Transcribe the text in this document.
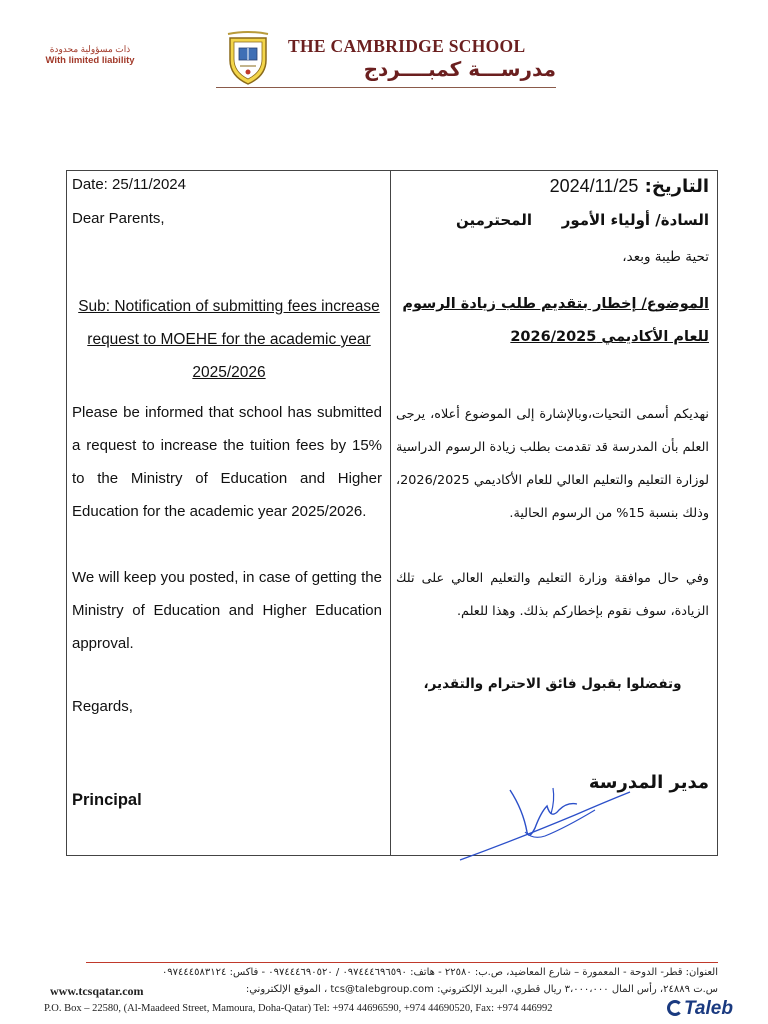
ذات مسؤولية محدودة
With limited liability
THE CAMBRIDGE SCHOOL
مدرســـة كمبــــردج
Date: 25/11/2024
Dear Parents,
Sub: Notification of submitting fees increase request to MOEHE for the academic year 2025/2026
Please be informed that school has submitted a request to increase the tuition fees by 15% to the Ministry of Education and Higher Education for the academic year 2025/2026.
We will keep you posted, in case of getting the Ministry of Education and Higher Education approval.
Regards,
Principal
التاريخ: 2024/11/25
السادة/ أولياء الأمور
المحترمين
تحية طيبة وبعد،
الموضوع/ إخطار بتقديم طلب زيادة الرسوم للعام الأكاديمي 2026/2025
نهديكم أسمى التحيات،وبالإشارة إلى الموضوع أعلاه، يرجى العلم بأن المدرسة قد تقدمت بطلب زيادة الرسوم الدراسية لوزارة التعليم والتعليم العالي للعام الأكاديمي 2026/2025، وذلك بنسبة 15% من الرسوم الحالية.
وفي حال موافقة وزارة التعليم والتعليم العالي على تلك الزيادة، سوف نقوم بإخطاركم بذلك. وهذا للعلم.
وتفضلوا بقبول فائق الاحترام والتقدير،
مدير المدرسة
العنوان: قطر- الدوحة - المعمورة – شارع المعاضيد، ص.ب: ٢٢٥٨٠ - هاتف: ٠٩٧٤٤٤٦٩٦٥٩٠ / ٠٩٧٤٤٤٦٩٠٥٢٠ - فاكس: ٠٩٧٤٤٤٥٨٣١٢٤
س.ت ٢٤٨٨٩، رأس المال ٣،٠٠٠،٠٠٠ ريال قطري، البريد الإلكتروني: tcs@talebgroup.com ، الموقع الإلكتروني:
www.tcsqatar.com
P.O. Box – 22580, (Al-Maadeed Street, Mamoura, Doha-Qatar) Tel: +974 44696590, +974 44690520, Fax: +974 446992	Taleb
